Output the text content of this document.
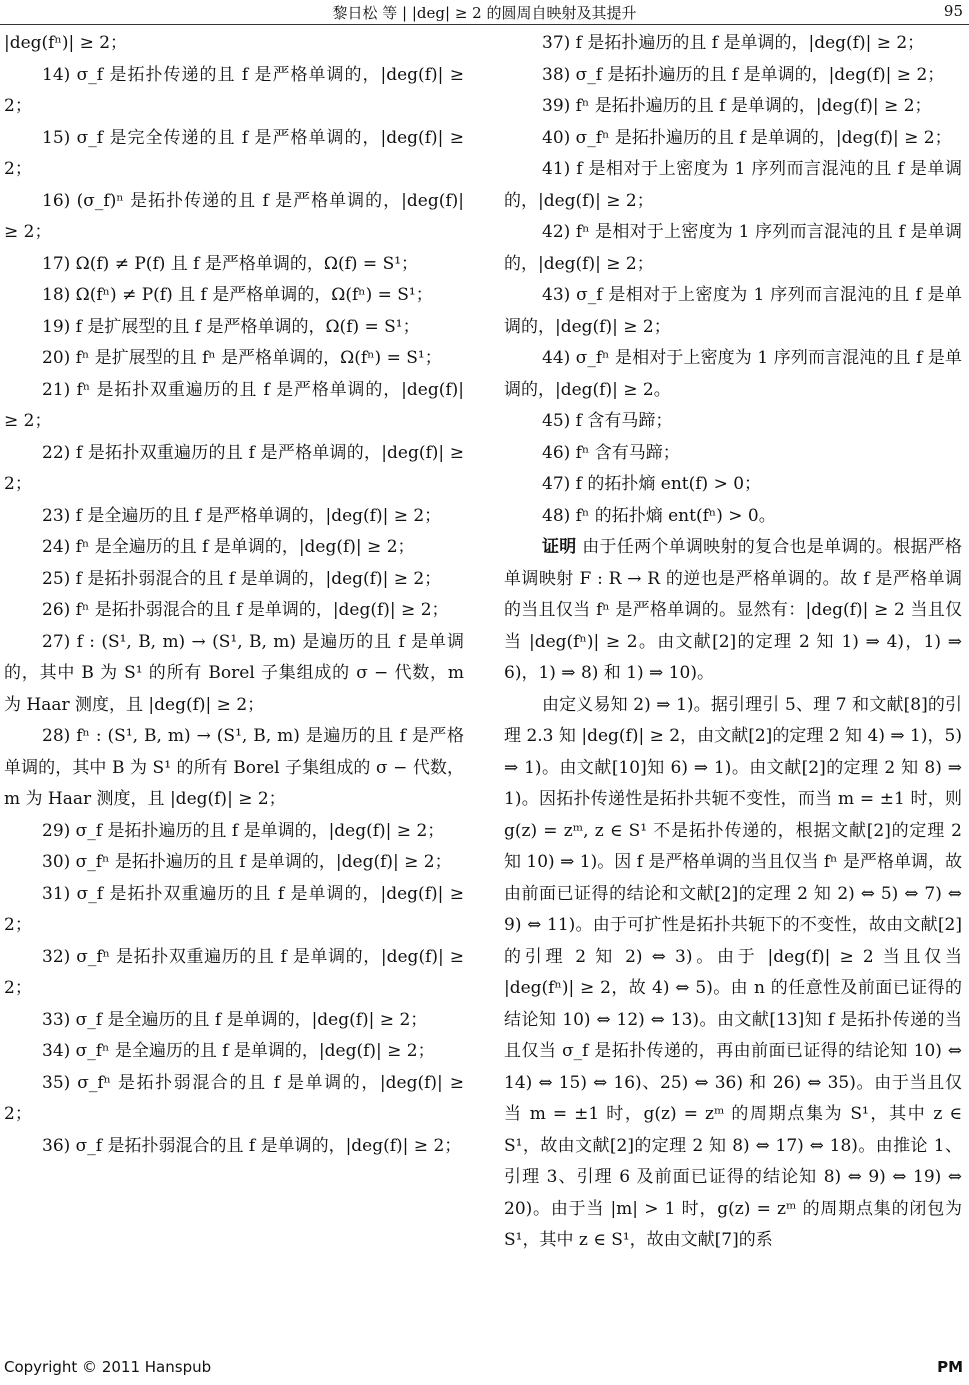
黎日松 等 | |deg| ≥ 2 的圆周自映射及其提升	95

|deg(fⁿ)| ≥ 2；

14) σ_f 是拓扑传递的且 f 是严格单调的，|deg(f)| ≥ 2；

15) σ_f 是完全传递的且 f 是严格单调的，|deg(f)| ≥ 2；

16) (σ_f)ⁿ 是拓扑传递的且 f 是严格单调的，|deg(f)| ≥ 2；

17) Ω(f) ≠ P(f) 且 f 是严格单调的，Ω(f) = S¹；

18) Ω(fⁿ) ≠ P(f) 且 f 是严格单调的，Ω(fⁿ) = S¹；

19) f 是扩展型的且 f 是严格单调的，Ω(f) = S¹；

20) fⁿ 是扩展型的且 fⁿ 是严格单调的，Ω(fⁿ) = S¹；

21) fⁿ 是拓扑双重遍历的且 f 是严格单调的，|deg(f)| ≥ 2；

22) f 是拓扑双重遍历的且 f 是严格单调的，|deg(f)| ≥ 2；

23) f 是全遍历的且 f 是严格单调的，|deg(f)| ≥ 2；

24) fⁿ 是全遍历的且 f 是单调的，|deg(f)| ≥ 2；

25) f 是拓扑弱混合的且 f 是单调的，|deg(f)| ≥ 2；

26) fⁿ 是拓扑弱混合的且 f 是单调的，|deg(f)| ≥ 2；

27) f : (S¹, B, m) → (S¹, B, m) 是遍历的且 f 是单调的，其中 B 为 S¹ 的所有 Borel 子集组成的 σ − 代数，m 为 Haar 测度，且 |deg(f)| ≥ 2；

28) fⁿ : (S¹, B, m) → (S¹, B, m) 是遍历的且 f 是严格单调的，其中 B 为 S¹ 的所有 Borel 子集组成的 σ − 代数，m 为 Haar 测度，且 |deg(f)| ≥ 2；

29) σ_f 是拓扑遍历的且 f 是单调的，|deg(f)| ≥ 2；

30) σ_fⁿ 是拓扑遍历的且 f 是单调的，|deg(f)| ≥ 2；

31) σ_f 是拓扑双重遍历的且 f 是单调的，|deg(f)| ≥ 2；

32) σ_fⁿ 是拓扑双重遍历的且 f 是单调的，|deg(f)| ≥ 2；

33) σ_f 是全遍历的且 f 是单调的，|deg(f)| ≥ 2；

34) σ_fⁿ 是全遍历的且 f 是单调的，|deg(f)| ≥ 2；

35) σ_fⁿ 是拓扑弱混合的且 f 是单调的，|deg(f)| ≥ 2；

36) σ_f 是拓扑弱混合的且 f 是单调的，|deg(f)| ≥ 2；

37) f 是拓扑遍历的且 f 是单调的，|deg(f)| ≥ 2；

38) σ_f 是拓扑遍历的且 f 是单调的，|deg(f)| ≥ 2；

39) fⁿ 是拓扑遍历的且 f 是单调的，|deg(f)| ≥ 2；

40) σ_fⁿ 是拓扑遍历的且 f 是单调的，|deg(f)| ≥ 2；

41) f 是相对于上密度为 1 序列而言混沌的且 f 是单调的，|deg(f)| ≥ 2；

42) fⁿ 是相对于上密度为 1 序列而言混沌的且 f 是单调的，|deg(f)| ≥ 2；

43) σ_f 是相对于上密度为 1 序列而言混沌的且 f 是单调的，|deg(f)| ≥ 2；

44) σ_fⁿ 是相对于上密度为 1 序列而言混沌的且 f 是单调的，|deg(f)| ≥ 2。

45) f 含有马蹄；

46) fⁿ 含有马蹄；

47) f 的拓扑熵 ent(f) > 0；

48) fⁿ 的拓扑熵 ent(fⁿ) > 0。

证明 由于任两个单调映射的复合也是单调的。根据严格单调映射 F : R → R 的逆也是严格单调的。故 f 是严格单调的当且仅当 fⁿ 是严格单调的。显然有：|deg(f)| ≥ 2 当且仅当 |deg(fⁿ)| ≥ 2。由文献[2]的定理 2 知 1) ⇒ 4)，1) ⇒ 6)，1) ⇒ 8) 和 1) ⇒ 10)。

由定义易知 2) ⇒ 1)。据引理引 5、理 7 和文献[8]的引理 2.3 知 |deg(f)| ≥ 2，由文献[2]的定理 2 知 4) ⇒ 1)，5) ⇒ 1)。由文献[10]知 6) ⇒ 1)。由文献[2]的定理 2 知 8) ⇒ 1)。因拓扑传递性是拓扑共轭不变性，而当 m = ±1 时，则 g(z) = zᵐ, z ∈ S¹ 不是拓扑传递的，根据文献[2]的定理 2 知 10) ⇒ 1)。因 f 是严格单调的当且仅当 fⁿ 是严格单调，故由前面已证得的结论和文献[2]的定理 2 知 2) ⇔ 5) ⇔ 7) ⇔ 9) ⇔ 11)。由于可扩性是拓扑共轭下的不变性，故由文献[2]的引理 2 知 2) ⇔ 3)。由于 |deg(f)| ≥ 2 当且仅当 |deg(fⁿ)| ≥ 2，故 4) ⇔ 5)。由 n 的任意性及前面已证得的结论知 10) ⇔ 12) ⇔ 13)。由文献[13]知 f 是拓扑传递的当且仅当 σ_f 是拓扑传递的，再由前面已证得的结论知 10) ⇔ 14) ⇔ 15) ⇔ 16)、25) ⇔ 36) 和 26) ⇔ 35)。由于当且仅当 m = ±1 时，g(z) = zᵐ 的周期点集为 S¹，其中 z ∈ S¹，故由文献[2]的定理 2 知 8) ⇔ 17) ⇔ 18)。由推论 1、引理 3、引理 6 及前面已证得的结论知 8) ⇔ 9) ⇔ 19) ⇔ 20)。由于当 |m| > 1 时，g(z) = zᵐ 的周期点集的闭包为 S¹，其中 z ∈ S¹，故由文献[7]的系

Copyright © 2011 Hanspub	PM
